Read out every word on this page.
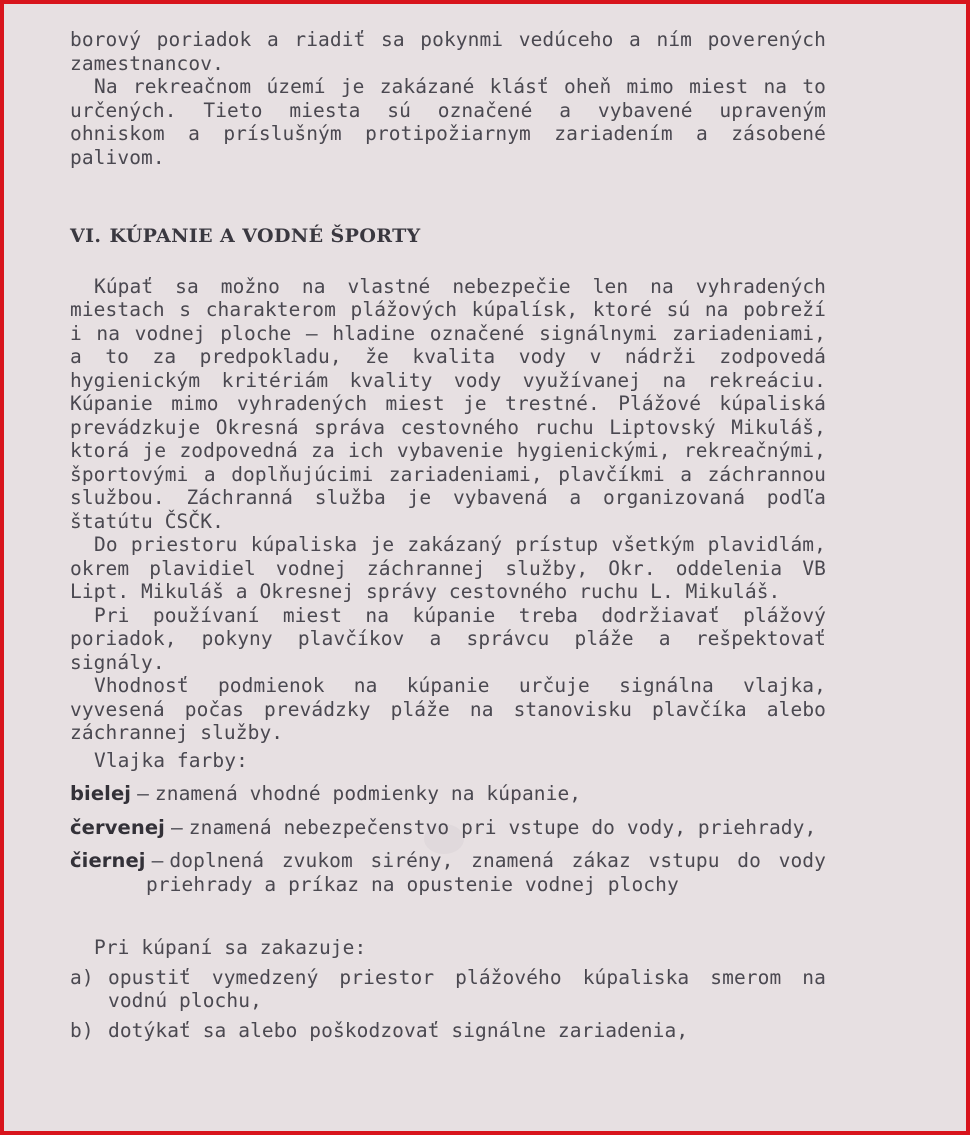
borový poriadok a riadiť sa pokynmi vedúceho a ním poverených zamestnancov.

Na rekreačnom území je zakázané klásť oheň mimo miest na to určených. Tieto miesta sú označené a vybavené upraveným ohniskom a príslušným protipožiarnym zariadením a zásobené palivom.

VI. KÚPANIE A VODNÉ ŠPORTY

Kúpať sa možno na vlastné nebezpečie len na vyhradených miestach s charakterom plážových kúpalísk, ktoré sú na pobreží i na vodnej ploche — hladine označené signálnymi zariadeniami, a to za predpokladu, že kvalita vody v nádrži zodpovedá hygienickým kritériám kvality vody využívanej na rekreáciu. Kúpanie mimo vyhradených miest je trestné. Plážové kúpaliská prevádzkuje Okresná správa cestovného ruchu Liptovský Mikuláš, ktorá je zodpovedná za ich vybavenie hygienickými, rekreačnými, športovými a doplňujúcimi zariadeniami, plavčíkmi a záchrannou službou. Záchranná služba je vybavená a organizovaná podľa štatútu ČSČK.

Do priestoru kúpaliska je zakázaný prístup všetkým plavidlám, okrem plavidiel vodnej záchrannej služby, Okr. oddelenia VB Lipt. Mikuláš a Okresnej správy cestovného ruchu L. Mikuláš.

Pri používaní miest na kúpanie treba dodržiavať plážový poriadok, pokyny plavčíkov a správcu pláže a rešpektovať signály.

Vhodnosť podmienok na kúpanie určuje signálna vlajka, vyvesená počas prevádzky pláže na stanovisku plavčíka alebo záchrannej služby.

Vlajka farby:

bielej — znamená vhodné podmienky na kúpanie,

červenej — znamená nebezpečenstvo pri vstupe do vody, priehrady,

čiernej — doplnená zvukom sirény, znamená zákaz vstupu do vody priehrady a príkaz na opustenie vodnej plochy

Pri kúpaní sa zakazuje:

a) opustiť vymedzený priestor plážového kúpaliska smerom na vodnú plochu,

b) dotýkať sa alebo poškodzovať signálne zariadenia,
